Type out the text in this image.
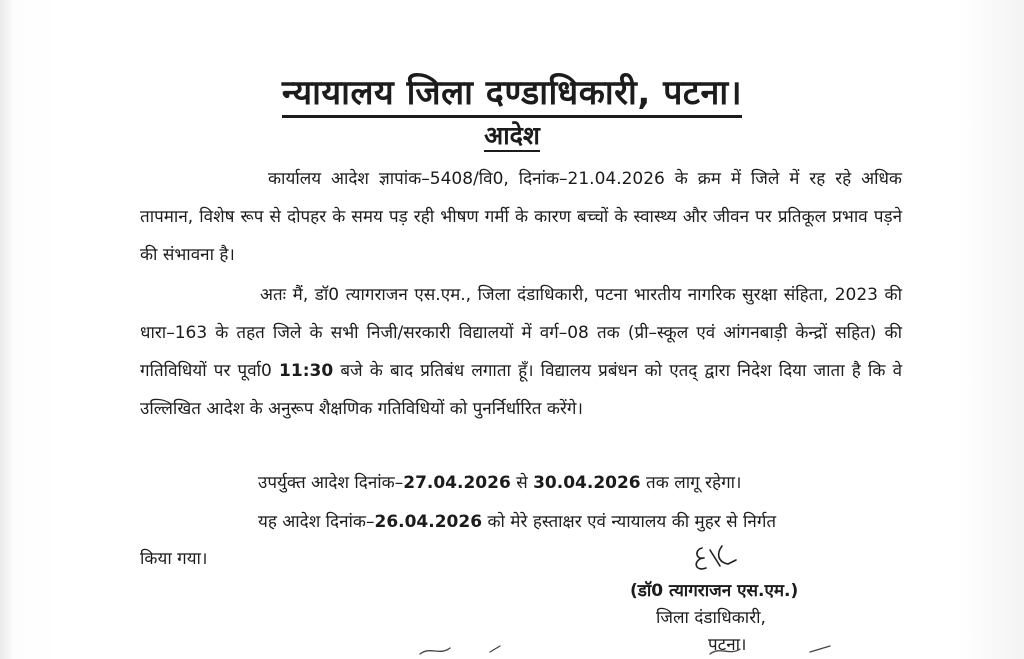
न्यायालय जिला दण्डाधिकारी, पटना।
आदेश
कार्यालय आदेश ज्ञापांक–5408/वि0, दिनांक–21.04.2026 के क्रम में जिले में रह रहे अधिक तापमान, विशेष रूप से दोपहर के समय पड़ रही भीषण गर्मी के कारण बच्चों के स्वास्थ्य और जीवन पर प्रतिकूल प्रभाव पड़ने की संभावना है।
अतः मैं, डॉ0 त्यागराजन एस.एम., जिला दंडाधिकारी, पटना भारतीय नागरिक सुरक्षा संहिता, 2023 की धारा–163 के तहत जिले के सभी निजी/सरकारी विद्यालयों में वर्ग–08 तक (प्री–स्कूल एवं आंगनबाड़ी केन्द्रों सहित) की गतिविधियों पर पूर्वा0 11:30 बजे के बाद प्रतिबंध लगाता हूँ। विद्यालय प्रबंधन को एतद् द्वारा निदेश दिया जाता है कि वे उल्लिखित आदेश के अनुरूप शैक्षणिक गतिविधियों को पुनर्निर्धारित करेंगे।
उपर्युक्त आदेश दिनांक–27.04.2026 से 30.04.2026 तक लागू रहेगा।
यह आदेश दिनांक–26.04.2026 को मेरे हस्ताक्षर एवं न्यायालय की मुहर से निर्गत
किया गया।
(डॉ0 त्यागराजन एस.एम.)
जिला दंडाधिकारी,
पटना।
